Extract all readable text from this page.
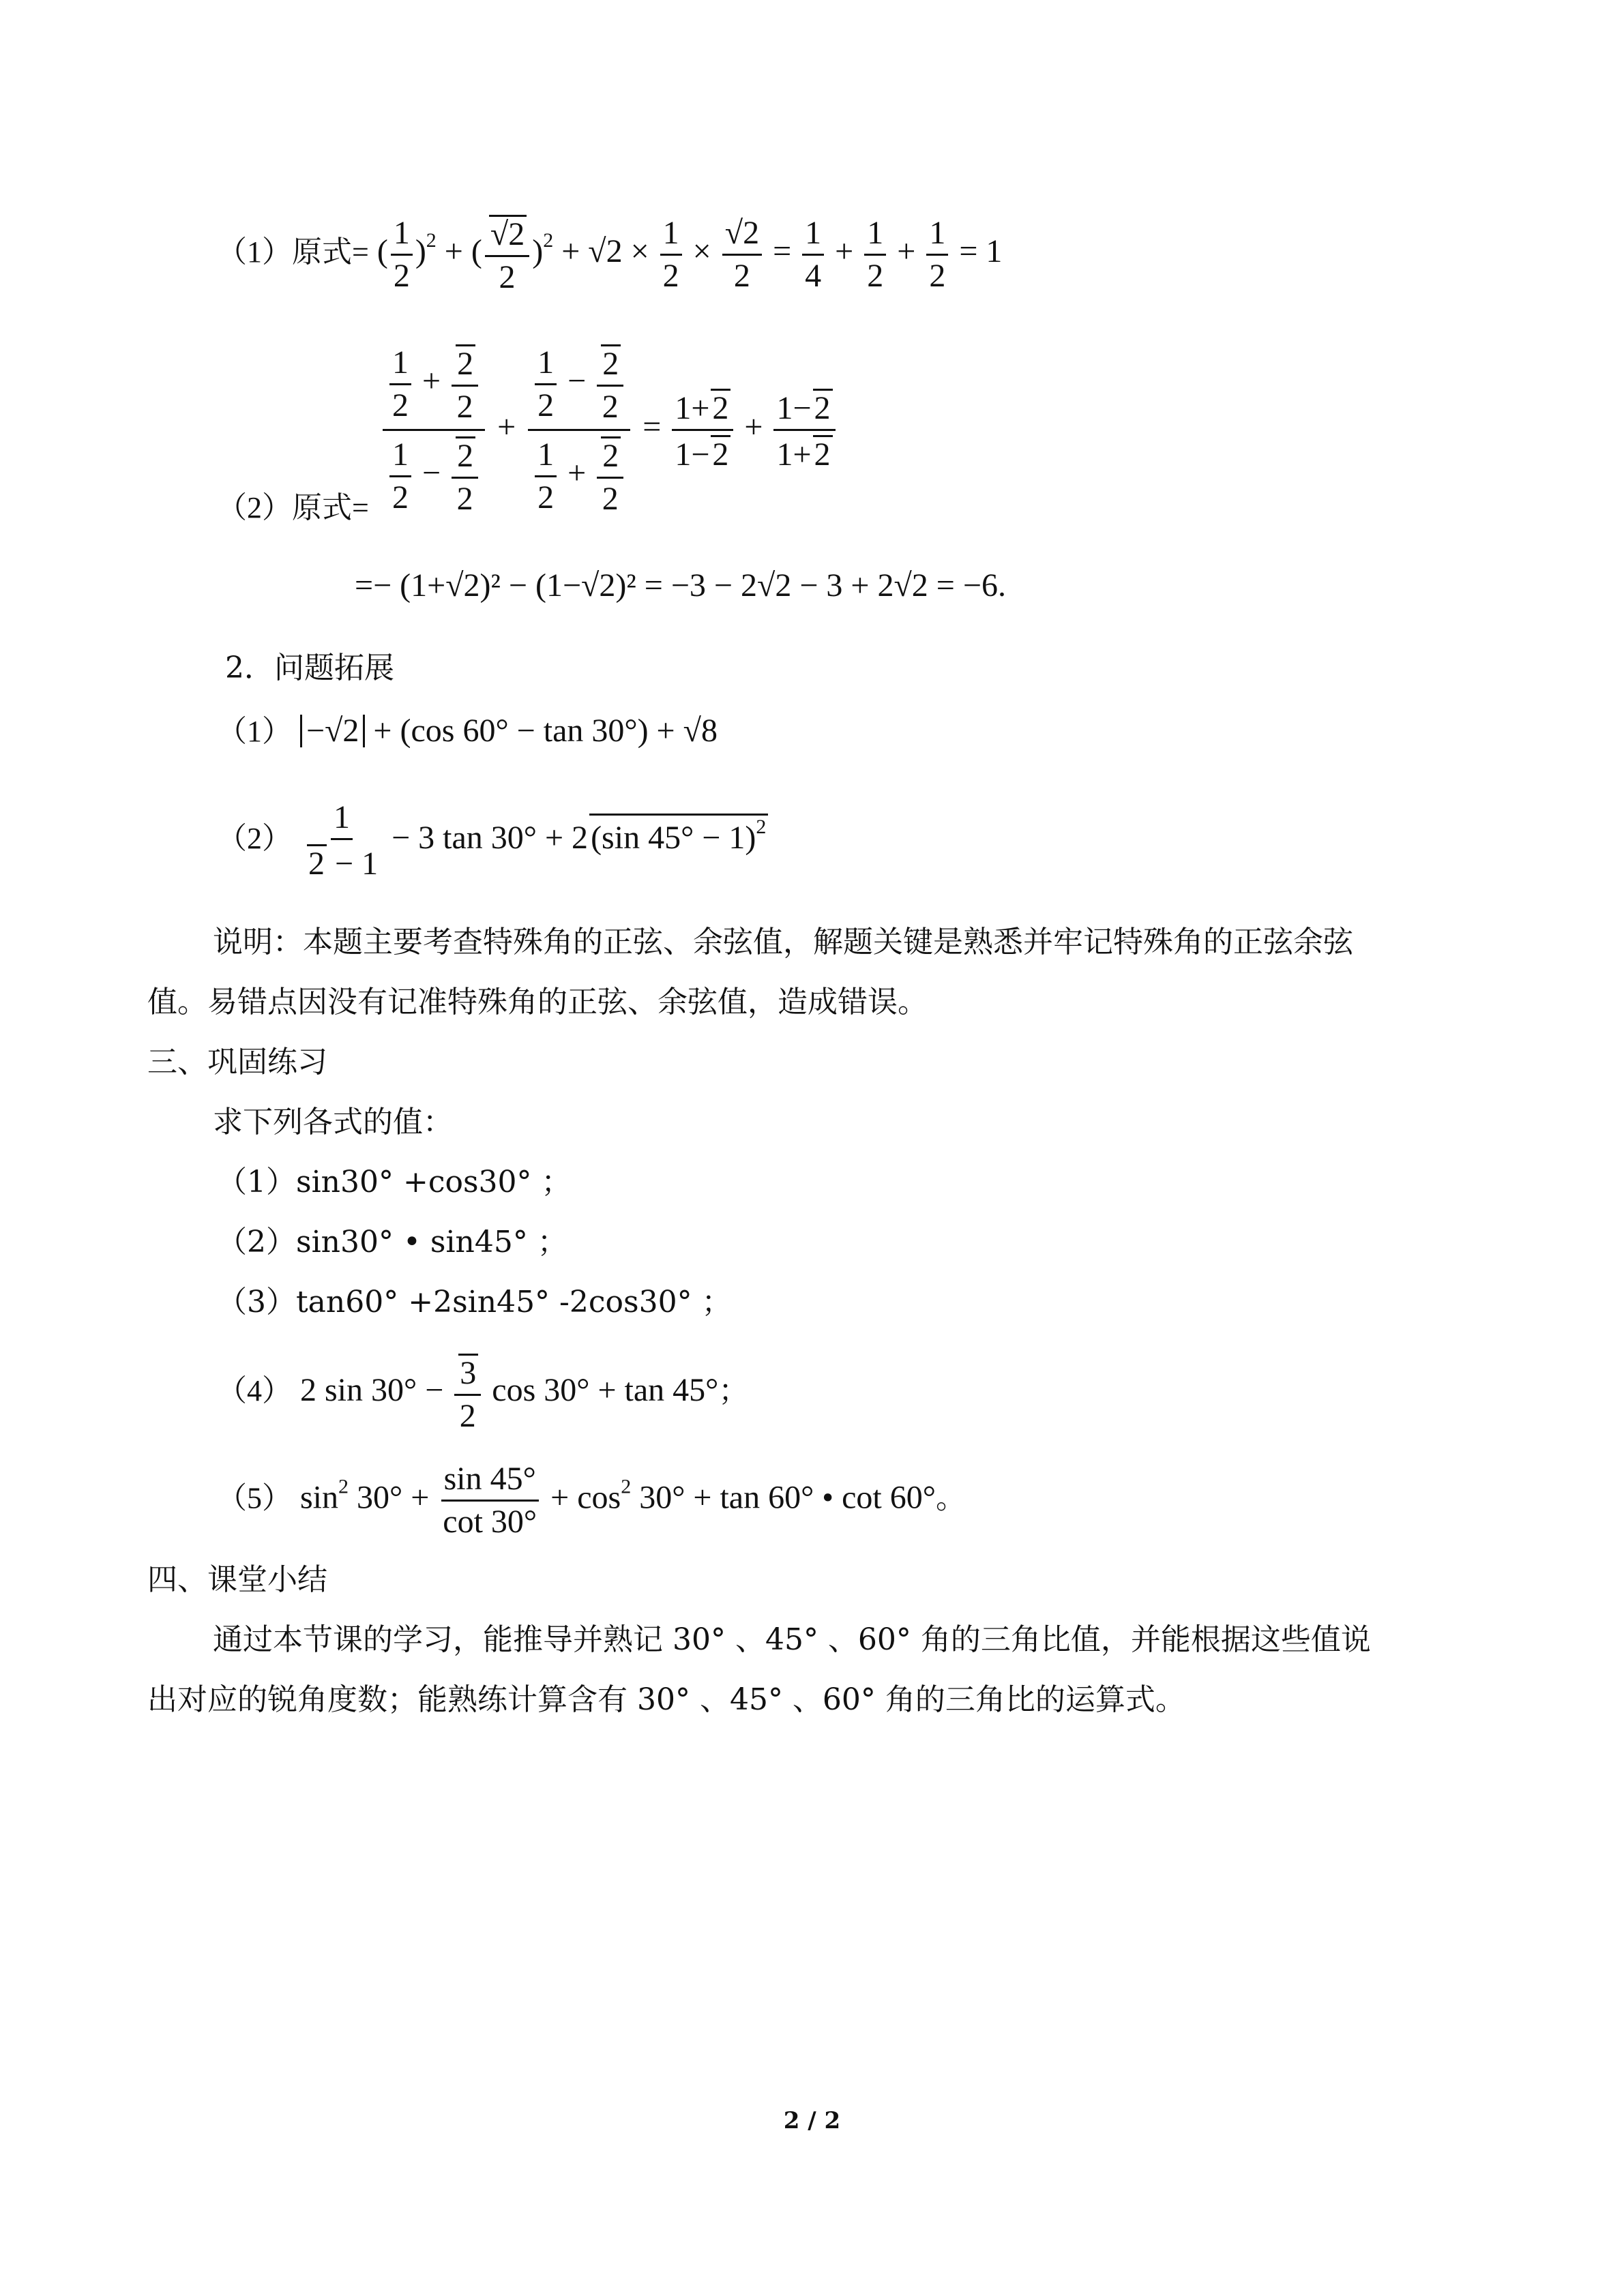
（1）原式= ( $\frac{1}{2} )^2$ + ( $\frac{√2}{2} )^2 + √2 \times \frac{1}{2} \times \frac{√2}{2} = \frac{1}{4} + \frac{1}{2} + \frac{1}{2} = 1$
（2）原式= $\frac{\frac{1}{2} + \frac{2}{2}}{\frac{1}{2} - \frac{2}{2}} + \frac{\frac{1}{2} - \frac{2}{2}}{\frac{1}{2} + \frac{2}{2}} = \frac{1+2}{1-2} + \frac{1-2}{1+2}$
=− (1+√2)² − (1−√2)² = −3 − 2√2 − 3 + 2√2 = −6.
2．问题拓展
（1） −√2 + (cos 60° − tan 30°) + √8
$(2) \frac{1}{2 - 1} - 3$ tan 30° + 2(sin 45° − 1)$^2$
说明：本题主要考查特殊角的正弦、余弦值，解题关键是熟悉并牢记特殊角的正弦余弦
值。易错点因没有记准特殊角的正弦、余弦值，造成错误。
三、巩固练习
求下列各式的值：
（1）sin30° +cos30° ；
（2）sin30° • sin45° ；
（3）tan60° +2sin45° -2cos30° ；
（4） 2 $\sin 30^\circ - \frac{3}{2}$ cos 30° + tan 45°；
（5） $\sin^2 30^\circ + \frac{\sin 45^\circ}{\cot 30^\circ} + \cos^2 30^\circ + \tan 60^\circ$ • cot 60°。
四、课堂小结
通过本节课的学习，能推导并熟记 30° 、45° 、60° 角的三角比值，并能根据这些值说
出对应的锐角度数；能熟练计算含有 30° 、45° 、60° 角的三角比的运算式。
2 / 2
